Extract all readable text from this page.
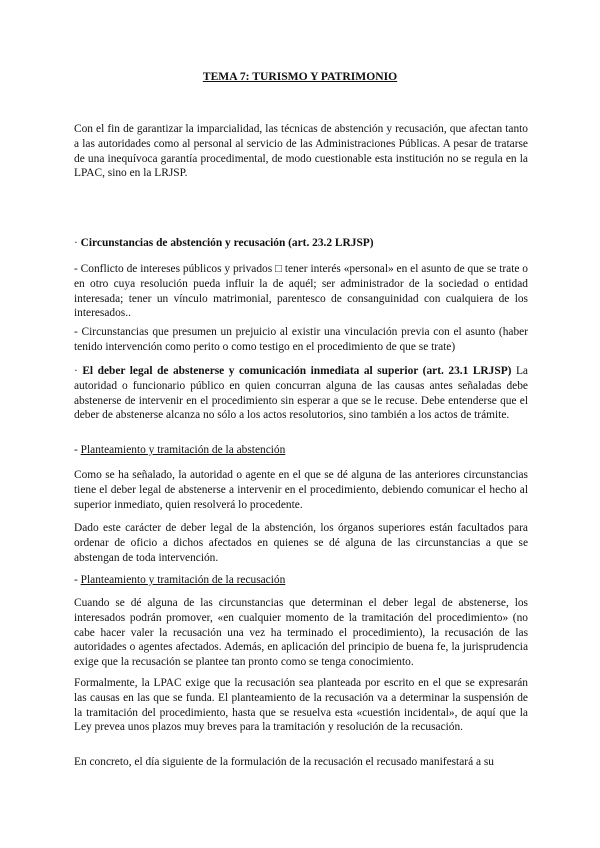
TEMA 7: TURISMO Y PATRIMONIO

Con el fin de garantizar la imparcialidad, las técnicas de abstención y recusación, que afectan tanto a las autoridades como al personal al servicio de las Administraciones Públicas. A pesar de tratarse de una inequívoca garantía procedimental, de modo cuestionable esta institución no se regula en la LPAC, sino en la LRJSP.

· Circunstancias de abstención y recusación (art. 23.2 LRJSP)

- Conflicto de intereses públicos y privados □ tener interés «personal» en el asunto de que se trate o en otro cuya resolución pueda influir la de aquél; ser administrador de la sociedad o entidad interesada; tener un vínculo matrimonial, parentesco de consanguinidad con cualquiera de los interesados..

- Circunstancias que presumen un prejuicio al existir una vinculación previa con el asunto (haber tenido intervención como perito o como testigo en el procedimiento de que se trate)

· El deber legal de abstenerse y comunicación inmediata al superior (art. 23.1 LRJSP) La autoridad o funcionario público en quien concurran alguna de las causas antes señaladas debe abstenerse de intervenir en el procedimiento sin esperar a que se le recuse. Debe entenderse que el deber de abstenerse alcanza no sólo a los actos resolutorios, sino también a los actos de trámite.

- Planteamiento y tramitación de la abstención

Como se ha señalado, la autoridad o agente en el que se dé alguna de las anteriores circunstancias tiene el deber legal de abstenerse a intervenir en el procedimiento, debiendo comunicar el hecho al superior inmediato, quien resolverá lo procedente.

Dado este carácter de deber legal de la abstención, los órganos superiores están facultados para ordenar de oficio a dichos afectados en quienes se dé alguna de las circunstancias a que se abstengan de toda intervención.

- Planteamiento y tramitación de la recusación

Cuando se dé alguna de las circunstancias que determinan el deber legal de abstenerse, los interesados podrán promover, «en cualquier momento de la tramitación del procedimiento» (no cabe hacer valer la recusación una vez ha terminado el procedimiento), la recusación de las autoridades o agentes afectados. Además, en aplicación del principio de buena fe, la jurisprudencia exige que la recusación se plantee tan pronto como se tenga conocimiento.

Formalmente, la LPAC exige que la recusación sea planteada por escrito en el que se expresarán las causas en las que se funda. El planteamiento de la recusación va a determinar la suspensión de la tramitación del procedimiento, hasta que se resuelva esta «cuestión incidental», de aquí que la Ley prevea unos plazos muy breves para la tramitación y resolución de la recusación.

En concreto, el día siguiente de la formulación de la recusación el recusado manifestará a su
